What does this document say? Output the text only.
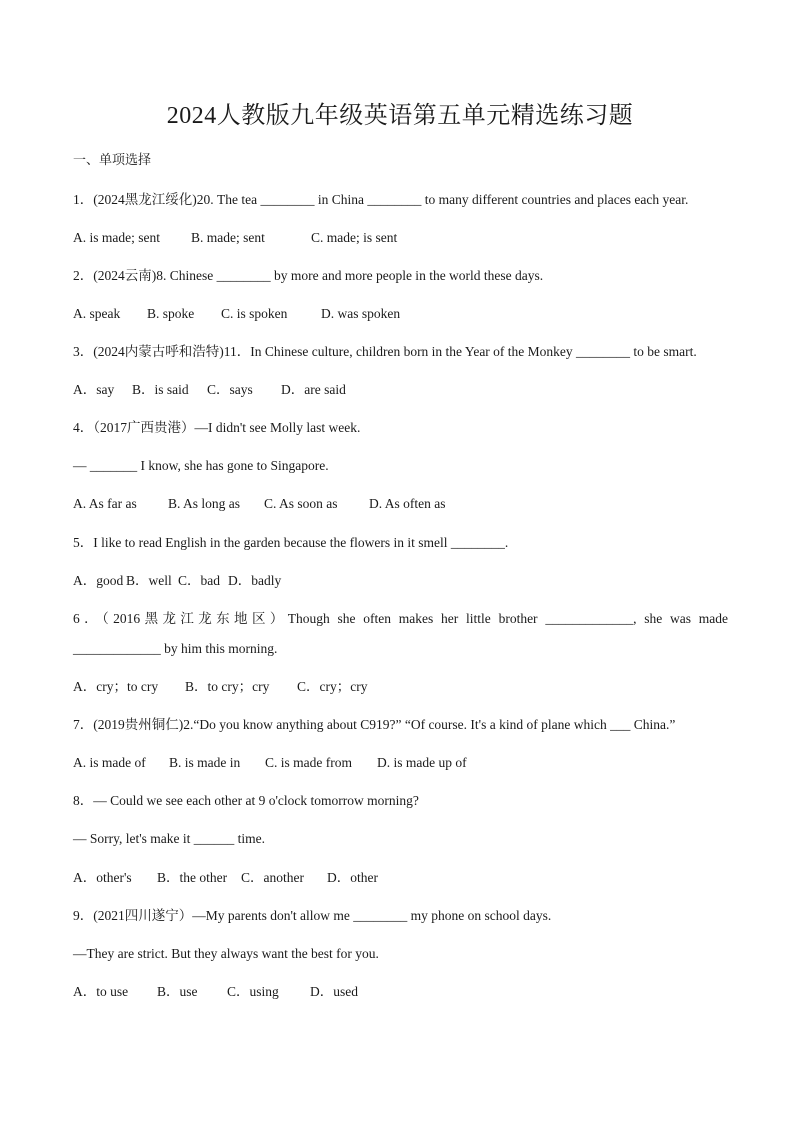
2024人教版九年级英语第五单元精选练习题
一、单项选择
1．(2024黑龙江绥化)20. The tea ________ in China ________ to many different countries and places each year.
A. is made; sent	B. made; sent	C. made; is sent
2．(2024云南)8. Chinese ________ by more and more people in the world these days.
A. speak	B. spoke	C. is spoken	D. was spoken
3．(2024内蒙古呼和浩特)11．In Chinese culture, children born in the Year of the Monkey ________ to be smart.
A．say	B．is said	C．says	D．are said
4．（2017广西贵港）—I didn't see Molly last week.
— _______ I know, she has gone to Singapore.
A. As far as	B. As long as	C. As soon as	D. As often as
5．I like to read English in the garden because the flowers in it smell ________.
A．good B．well C．bad D．badly
6．（2016黑龙江龙东地区）Though she often makes her little brother _____________, she was made
_____________ by him this morning.
A．cry；to cry	B．to cry；cry	C．cry；cry
7．(2019贵州铜仁)2.“Do you know anything about C919?” “Of course. It's a kind of plane which ___ China.”
A. is made of	B. is made in	C. is made from	D. is made up of
8．— Could we see each other at 9 o'clock tomorrow morning?
— Sorry, let's make it ______ time.
A．other's	B．the other	C．another	D．other
9．(2021四川遂宁）—My parents don't allow me ________ my phone on school days.
—They are strict. But they always want the best for you.
A．to use	B．use	C．using	D．used
